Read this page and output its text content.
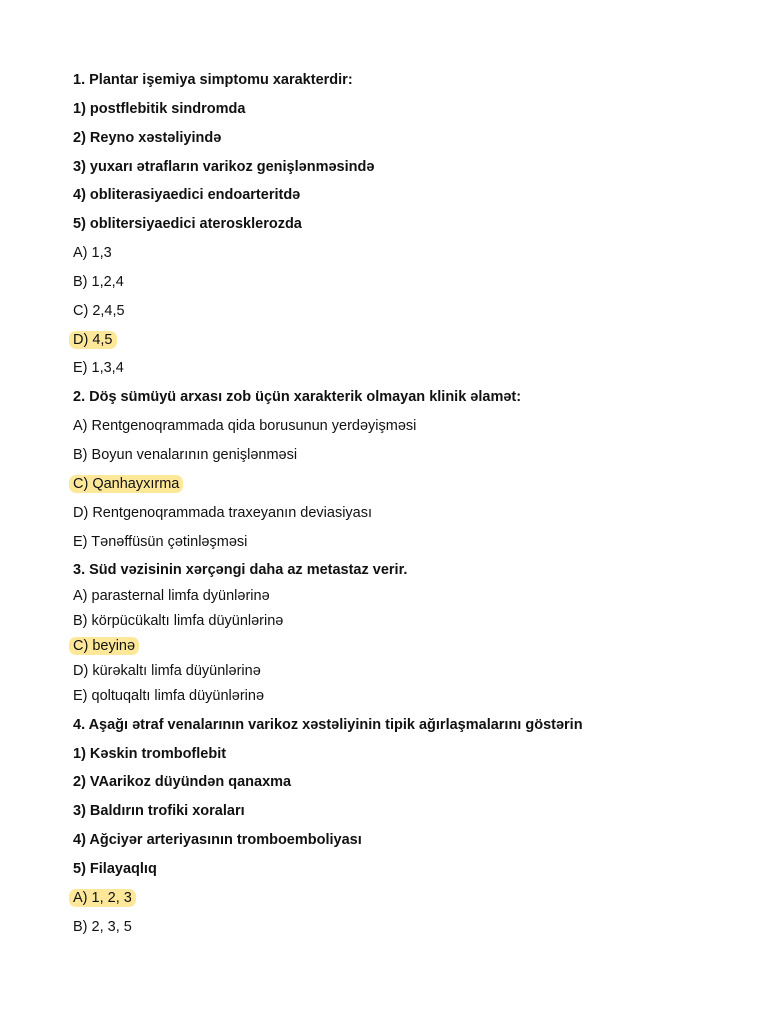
1. Plantar işemiya simptomu xarakterdir:
1) postflebitik sindromda
2) Reyno xəstəliyində
3) yuxarı ətrafların varikoz genişlənməsində
4) obliterasiyaedici endoarteritdə
5) oblitersiyaedici aterosklerozda
A) 1,3
B) 1,2,4
C) 2,4,5
D) 4,5
E) 1,3,4
2. Döş sümüyü arxası zob üçün xarakterik olmayan klinik əlamət:
A) Rentgenoqrammada qida borusunun yerdəyişməsi
B) Boyun venalarının genişlənməsi
C) Qanhayxırma
D) Rentgenoqrammada traxeyanın deviasiyası
E) Tənəffüsün çətinləşməsi
3. Süd vəzisinin xərçəngi daha az metastaz verir.
A) parasternal limfa dyünlərinə
B) körpücükaltı limfa düyünlərinə
C) beyinə
D) kürəkaltı limfa düyünlərinə
E) qoltuqaltı limfa düyünlərinə
4. Aşağı ətraf venalarının varikoz xəstəliyinin tipik ağırlaşmalarını göstərin
1) Kəskin tromboflebit
2) VAarikoz düyündən qanaxma
3) Baldırın trofiki xoraları
4) Ağciyər arteriyasının tromboemboliyası
5) Filayaqlıq
A) 1, 2, 3
B) 2, 3, 5
